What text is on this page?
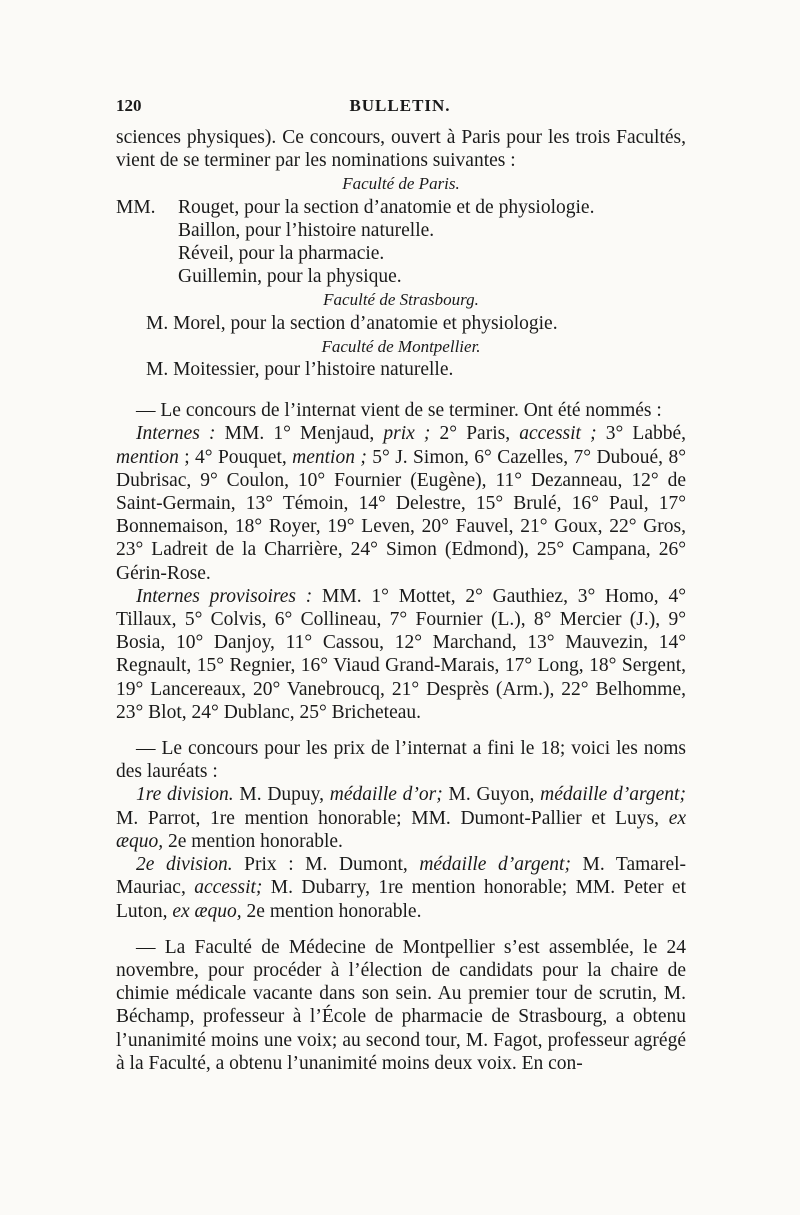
120	BULLETIN.

sciences physiques). Ce concours, ouvert à Paris pour les trois Facultés, vient de se terminer par les nominations suivantes :

Faculté de Paris.

MM. Rouget, pour la section d’anatomie et de physiologie.
Baillon, pour l’histoire naturelle.
Réveil, pour la pharmacie.
Guillemin, pour la physique.

Faculté de Strasbourg.

M. Morel, pour la section d’anatomie et physiologie.

Faculté de Montpellier.

M. Moitessier, pour l’histoire naturelle.

— Le concours de l’internat vient de se terminer. Ont été nommés :

Internes : MM. 1° Menjaud, prix ; 2° Paris, accessit ; 3° Labbé, mention ; 4° Pouquet, mention ; 5° J. Simon, 6° Cazelles, 7° Duboué, 8° Dubrisac, 9° Coulon, 10° Fournier (Eugène), 11° Dezanneau, 12° de Saint-Germain, 13° Témoin, 14° Delestre, 15° Brulé, 16° Paul, 17° Bonnemaison, 18° Royer, 19° Leven, 20° Fauvel, 21° Goux, 22° Gros, 23° Ladreit de la Charrière, 24° Simon (Edmond), 25° Campana, 26° Gérin-Rose.

Internes provisoires : MM. 1° Mottet, 2° Gauthiez, 3° Homo, 4° Tillaux, 5° Colvis, 6° Collineau, 7° Fournier (L.), 8° Mercier (J.), 9° Bosia, 10° Danjoy, 11° Cassou, 12° Marchand, 13° Mauvezin, 14° Regnault, 15° Regnier, 16° Viaud Grand-Marais, 17° Long, 18° Sergent, 19° Lancereaux, 20° Vanebroucq, 21° Desprès (Arm.), 22° Belhomme, 23° Blot, 24° Dublanc, 25° Bricheteau.

— Le concours pour les prix de l’internat a fini le 18; voici les noms des lauréats :

1re division. M. Dupuy, médaille d’or; M. Guyon, médaille d’argent; M. Parrot, 1re mention honorable; MM. Dumont-Pallier et Luys, ex æquo, 2e mention honorable.

2e division. Prix : M. Dumont, médaille d’argent; M. Tamarel-Mauriac, accessit; M. Dubarry, 1re mention honorable; MM. Peter et Luton, ex æquo, 2e mention honorable.

— La Faculté de Médecine de Montpellier s’est assemblée, le 24 novembre, pour procéder à l’élection de candidats pour la chaire de chimie médicale vacante dans son sein. Au premier tour de scrutin, M. Béchamp, professeur à l’École de pharmacie de Strasbourg, a obtenu l’unanimité moins une voix; au second tour, M. Fagot, professeur agrégé à la Faculté, a obtenu l’unanimité moins deux voix. En con-
